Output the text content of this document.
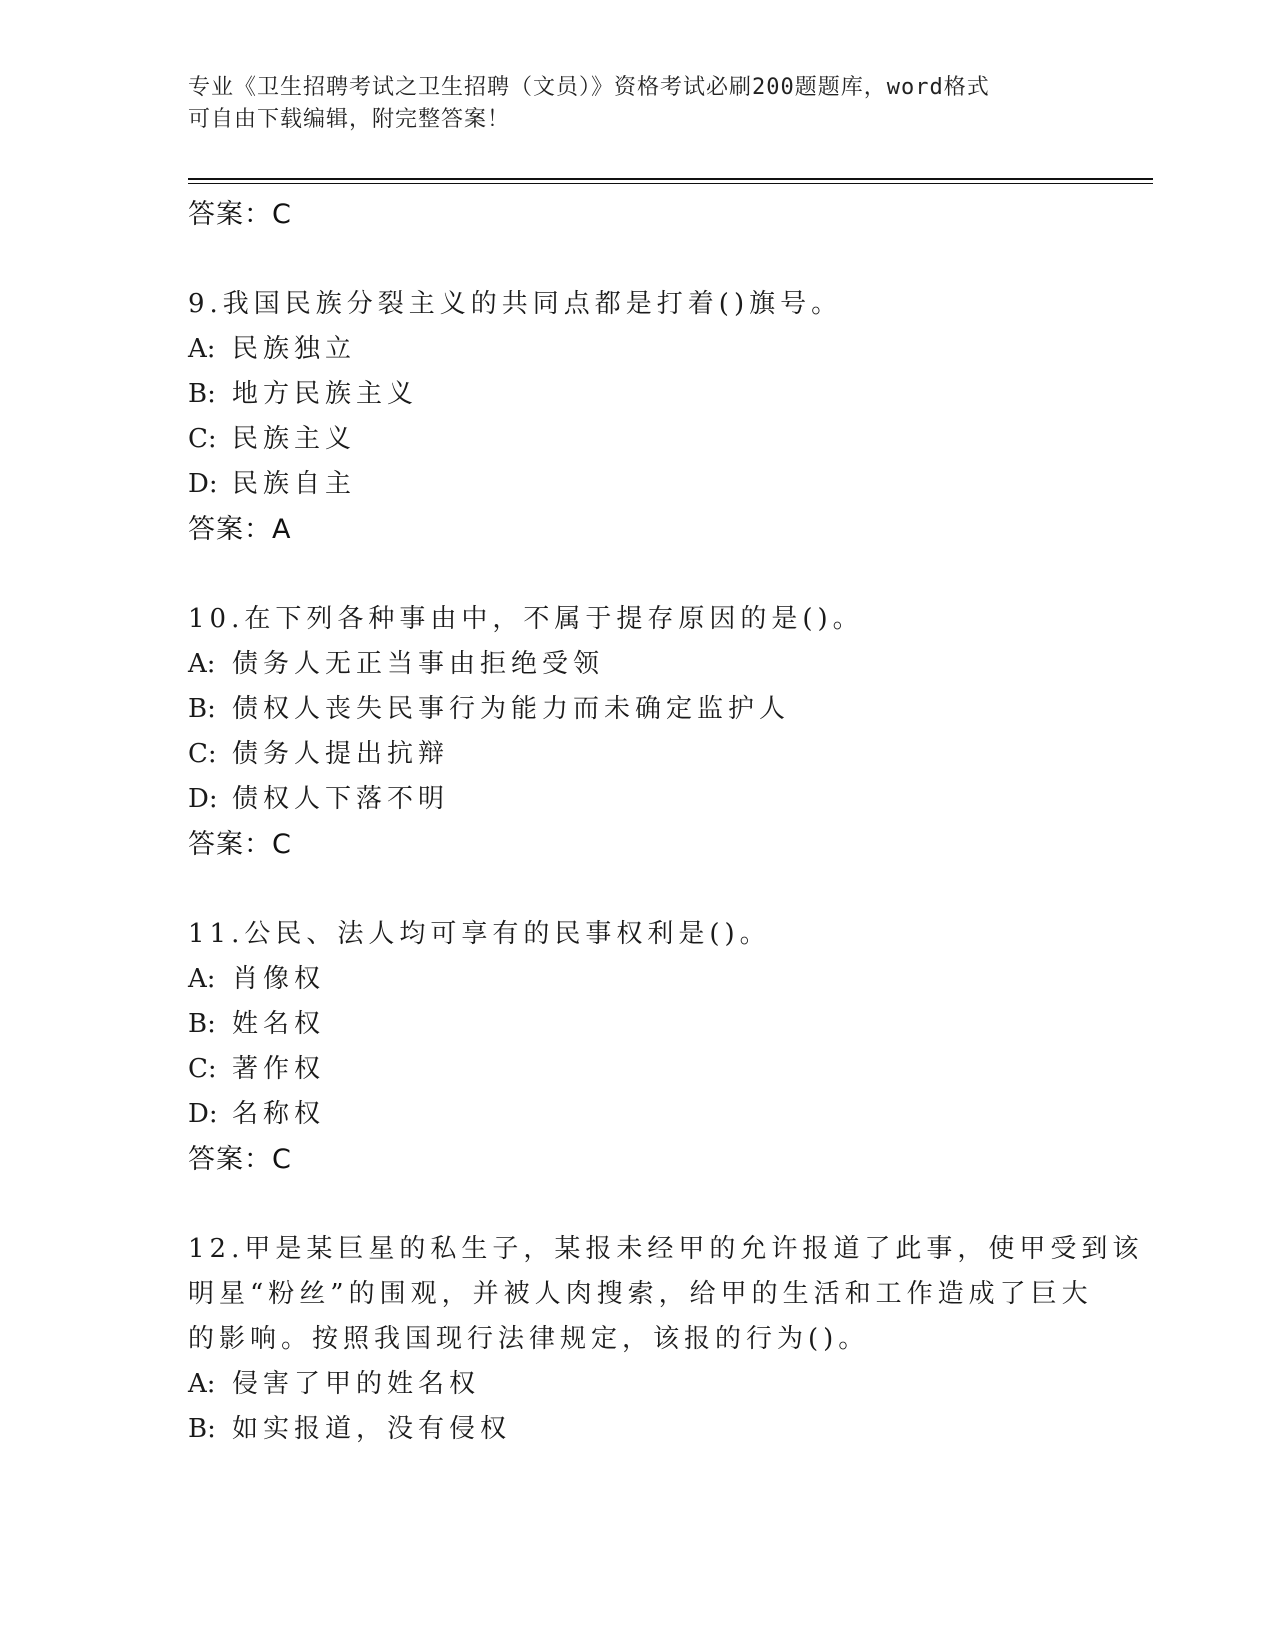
专业《卫生招聘考试之卫生招聘（文员）》资格考试必刷200题题库，word格式
可自由下载编辑，附完整答案！
答案：C
9.我国民族分裂主义的共同点都是打着()旗号。
A: 民族独立
B: 地方民族主义
C: 民族主义
D: 民族自主
答案：A
10.在下列各种事由中，不属于提存原因的是()。
A: 债务人无正当事由拒绝受领
B: 债权人丧失民事行为能力而未确定监护人
C: 债务人提出抗辩
D: 债权人下落不明
答案：C
11.公民、法人均可享有的民事权利是()。
A: 肖像权
B: 姓名权
C: 著作权
D: 名称权
答案：C
12.甲是某巨星的私生子，某报未经甲的允许报道了此事，使甲受到该
明星“粉丝”的围观，并被人肉搜索，给甲的生活和工作造成了巨大
的影响。按照我国现行法律规定，该报的行为()。
A: 侵害了甲的姓名权
B: 如实报道，没有侵权
